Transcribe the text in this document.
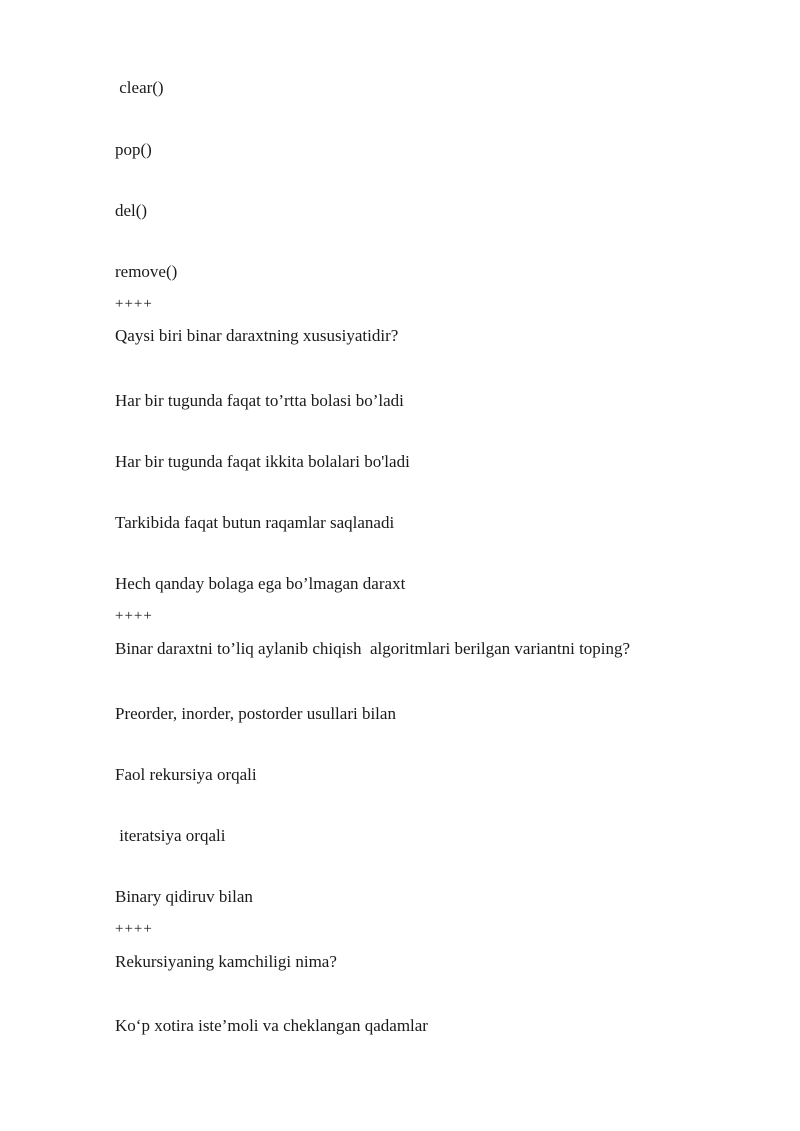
clear()
pop()
del()
remove()
++++
Qaysi biri binar daraxtning xususiyatidir?
Har bir tugunda faqat to’rtta bolasi bo’ladi
Har bir tugunda faqat ikkita bolalari bo'ladi
Tarkibida faqat butun raqamlar saqlanadi
Hech qanday bolaga ega bo’lmagan daraxt
++++
Binar daraxtni to’liq aylanib chiqish  algoritmlari berilgan variantni toping?
Preorder, inorder, postorder usullari bilan
Faol rekursiya orqali
iteratsiya orqali
Binary qidiruv bilan
++++
Rekursiyaning kamchiligi nima?
Ko‘p xotira iste’moli va cheklangan qadamlar
